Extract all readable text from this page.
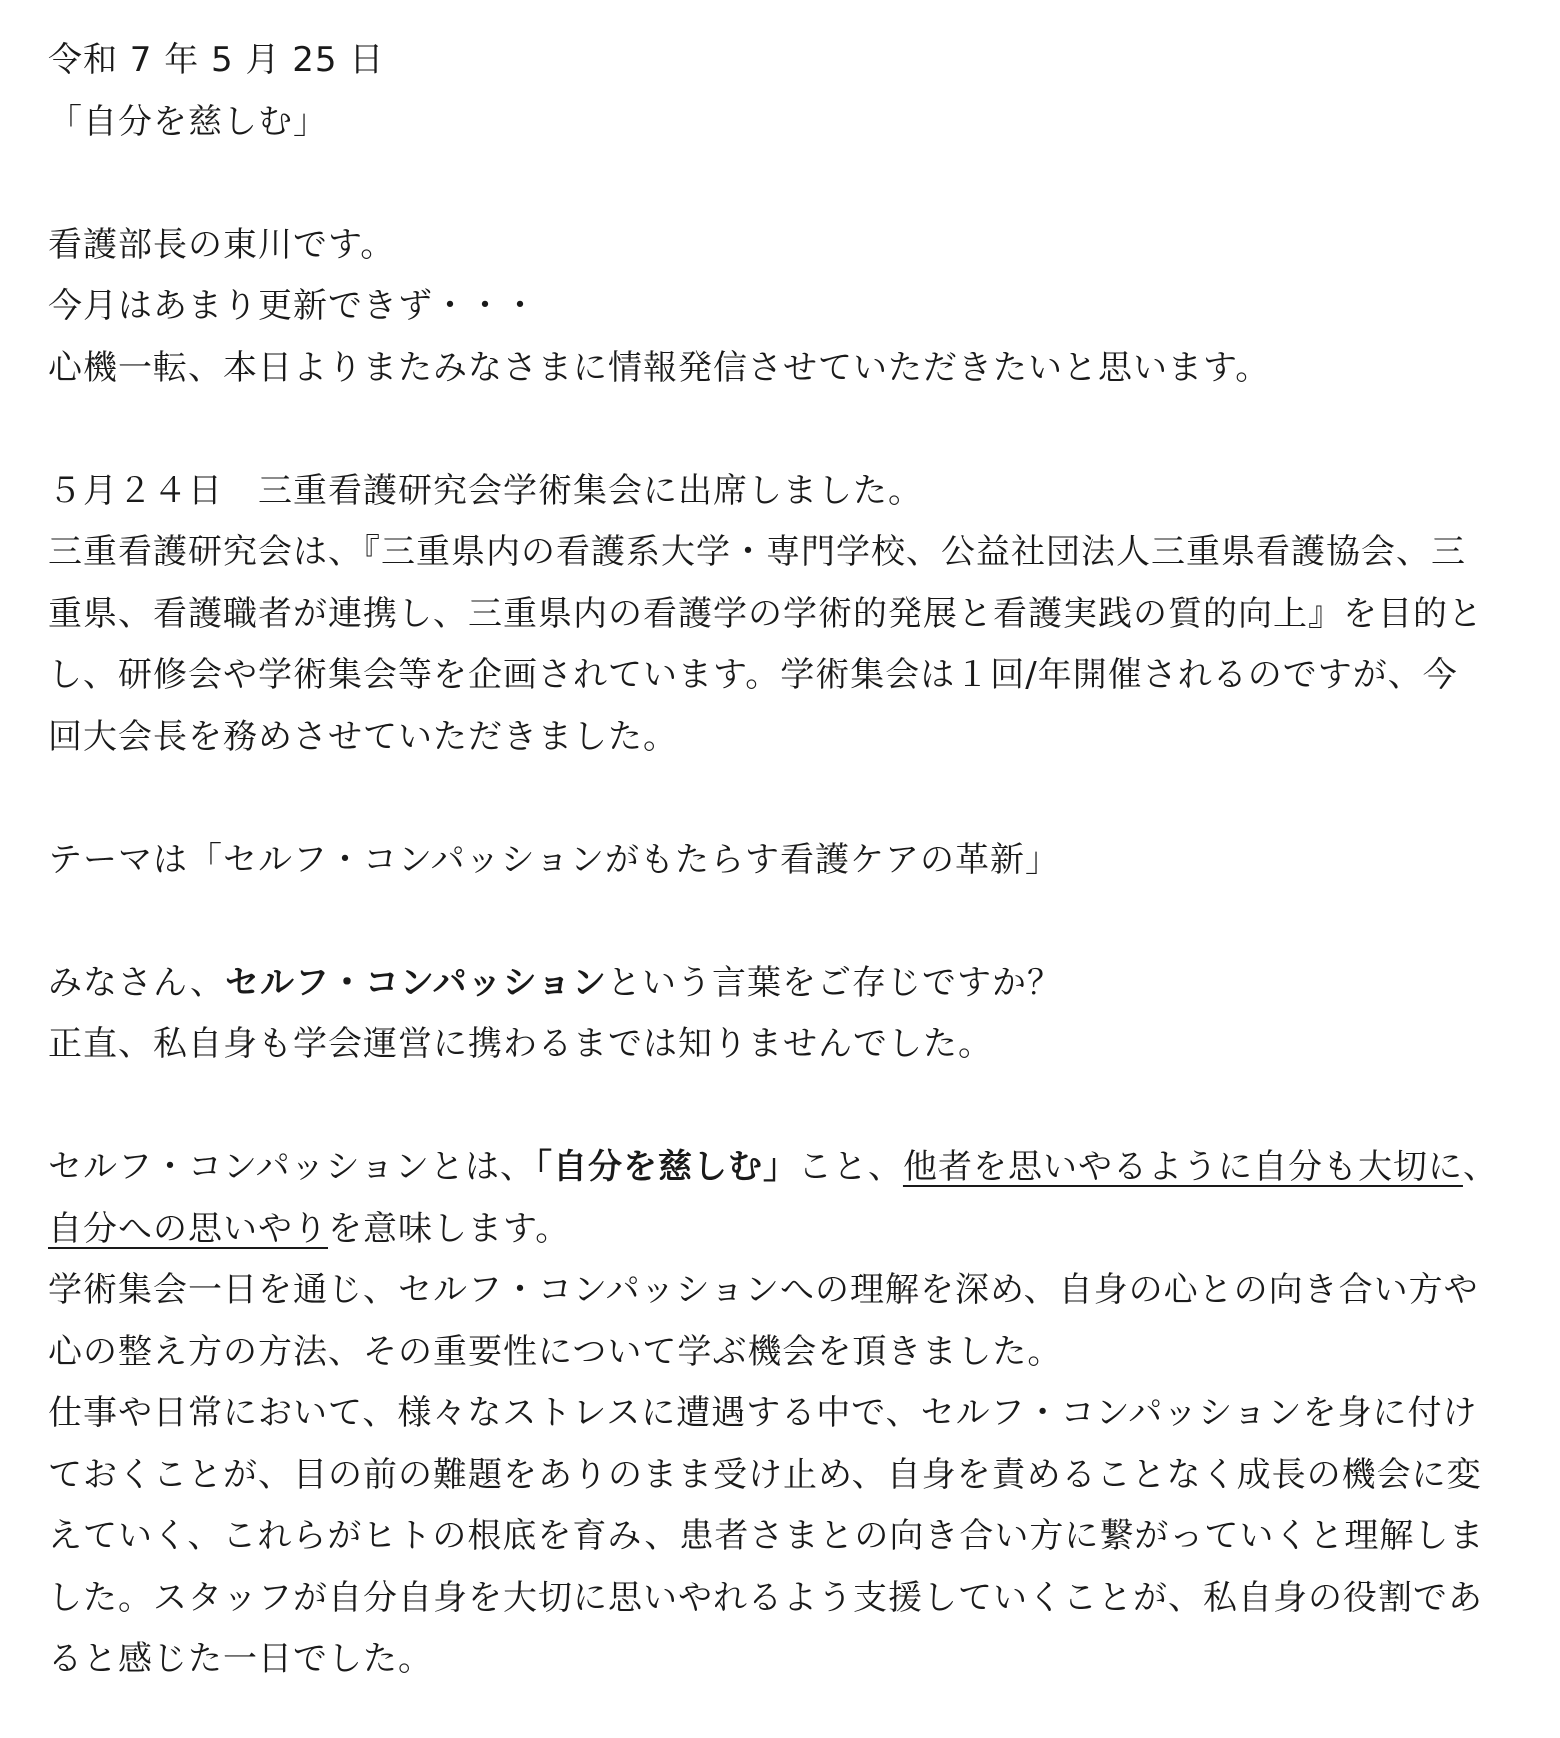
令和 7 年 5 月 25 日
「自分を慈しむ」
看護部長の東川です。
今月はあまり更新できず・・・
心機一転、本日よりまたみなさまに情報発信させていただきたいと思います。
５月２４日　三重看護研究会学術集会に出席しました。
三重看護研究会は、『三重県内の看護系大学・専門学校、公益社団法人三重県看護協会、三
重県、看護職者が連携し、三重県内の看護学の学術的発展と看護実践の質的向上』を目的と
し、研修会や学術集会等を企画されています。学術集会は１回/年開催されるのですが、今
回大会長を務めさせていただきました。
テーマは「セルフ・コンパッションがもたらす看護ケアの革新」
みなさん、セルフ・コンパッションという言葉をご存じですか？
正直、私自身も学会運営に携わるまでは知りませんでした。
セルフ・コンパッションとは、「自分を慈しむ」こと、他者を思いやるように自分も大切に、
自分への思いやりを意味します。
学術集会一日を通じ、セルフ・コンパッションへの理解を深め、自身の心との向き合い方や
心の整え方の方法、その重要性について学ぶ機会を頂きました。
仕事や日常において、様々なストレスに遭遇する中で、セルフ・コンパッションを身に付け
ておくことが、目の前の難題をありのまま受け止め、自身を責めることなく成長の機会に変
えていく、これらがヒトの根底を育み、患者さまとの向き合い方に繋がっていくと理解しま
した。スタッフが自分自身を大切に思いやれるよう支援していくことが、私自身の役割であ
ると感じた一日でした。
